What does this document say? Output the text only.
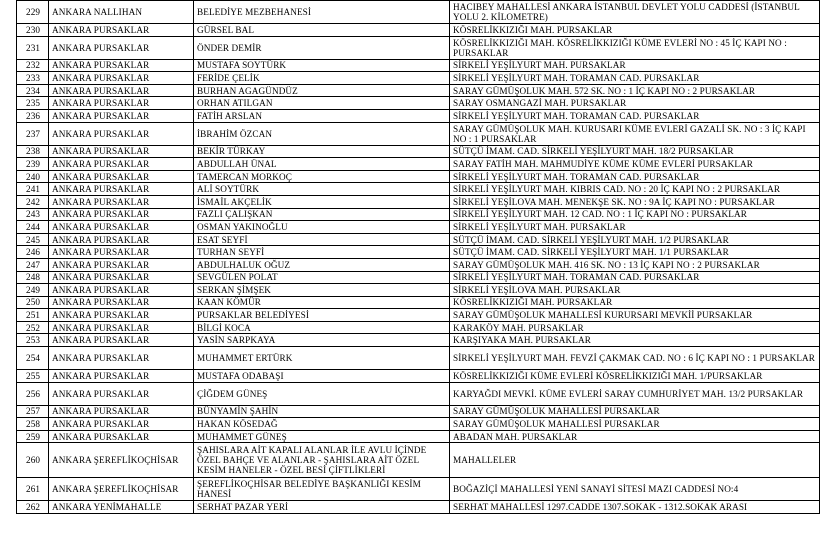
229	ANKARA NALLIHAN	BELEDİYE MEZBEHANESİ	HACIBEY MAHALLESİ ANKARA İSTANBUL DEVLET YOLU CADDESİ (İSTANBUL YOLU 2. KİLOMETRE)
230	ANKARA PURSAKLAR	GÜRSEL BAL	KÖSRELİKKIZIĞI MAH. PURSAKLAR
231	ANKARA PURSAKLAR	ÖNDER DEMİR	KÖSRELİKKIZIĞI MAH. KÖSRELİKKIZIĞI KÜME EVLERİ NO : 45 İÇ KAPI NO : PURSAKLAR
232	ANKARA PURSAKLAR	MUSTAFA SOYTÜRK	SİRKELİ YEŞİLYURT MAH. PURSAKLAR
233	ANKARA PURSAKLAR	FERİDE ÇELİK	SİRKELİ YEŞİLYURT MAH. TORAMAN CAD. PURSAKLAR
234	ANKARA PURSAKLAR	BURHAN AGAGÜNDÜZ	SARAY GÜMÜŞOLUK MAH. 572 SK. NO : 1 İÇ KAPI NO : 2 PURSAKLAR
235	ANKARA PURSAKLAR	ORHAN ATILGAN	SARAY OSMANGAZİ MAH. PURSAKLAR
236	ANKARA PURSAKLAR	FATİH ARSLAN	SİRKELİ YEŞİLYURT MAH. TORAMAN CAD. PURSAKLAR
237	ANKARA PURSAKLAR	İBRAHİM ÖZCAN	SARAY GÜMÜŞOLUK MAH. KURUSARI KÜME EVLERİ GAZALİ SK. NO : 3 İÇ KAPI NO : 1 PURSAKLAR
238	ANKARA PURSAKLAR	BEKİR TÜRKAY	SÜTÇÜ İMAM. CAD. SİRKELİ YEŞİLYURT MAH. 18/2 PURSAKLAR
239	ANKARA PURSAKLAR	ABDULLAH ÜNAL	SARAY FATİH MAH. MAHMUDİYE KÜME KÜME EVLERİ PURSAKLAR
240	ANKARA PURSAKLAR	TAMERCAN MORKOÇ	SİRKELİ YEŞİLYURT MAH. TORAMAN CAD. PURSAKLAR
241	ANKARA PURSAKLAR	ALİ SOYTÜRK	SİRKELİ YEŞİLYURT MAH. KIBRIS CAD. NO : 20 İÇ KAPI NO : 2 PURSAKLAR
242	ANKARA PURSAKLAR	İSMAİL AKÇELİK	SİRKELİ YEŞİLOVA MAH. MENEKŞE SK. NO : 9A İÇ KAPI NO : PURSAKLAR
243	ANKARA PURSAKLAR	FAZLI ÇALIŞKAN	SİRKELİ YEŞİLYURT MAH. 12 CAD. NO : 1 İÇ KAPI NO : PURSAKLAR
244	ANKARA PURSAKLAR	OSMAN YAKINOĞLU	SİRKELİ YEŞİLYURT MAH. PURSAKLAR
245	ANKARA PURSAKLAR	ESAT SEYFİ	SÜTÇÜ İMAM. CAD. SİRKELİ YEŞİLYURT MAH. 1/2 PURSAKLAR
246	ANKARA PURSAKLAR	TURHAN SEYFİ	SÜTÇÜ İMAM. CAD. SİRKELİ YEŞİLYURT MAH. 1/1 PURSAKLAR
247	ANKARA PURSAKLAR	ABDULHALUK OĞUZ	SARAY GÜMÜŞOLUK MAH. 416 SK. NO : 13 İÇ KAPI NO : 2 PURSAKLAR
248	ANKARA PURSAKLAR	SEVGÜLEN POLAT	SİRKELİ YEŞİLYURT MAH. TORAMAN CAD. PURSAKLAR
249	ANKARA PURSAKLAR	SERKAN ŞİMŞEK	SİRKELİ YEŞİLOVA MAH. PURSAKLAR
250	ANKARA PURSAKLAR	KAAN KÖMÜR	KÖSRELİKKIZIĞI MAH. PURSAKLAR
251	ANKARA PURSAKLAR	PURSAKLAR BELEDİYESİ	SARAY GÜMÜŞOLUK MAHALLESİ KURURSARI MEVKİİ PURSAKLAR
252	ANKARA PURSAKLAR	BİLGİ KOCA	KARAKÖY MAH. PURSAKLAR
253	ANKARA PURSAKLAR	YASİN SARPKAYA	KARŞIYAKA MAH. PURSAKLAR
254	ANKARA PURSAKLAR	MUHAMMET ERTÜRK	SİRKELİ YEŞİLYURT MAH. FEVZİ ÇAKMAK CAD. NO : 6 İÇ KAPI NO : 1 PURSAKLAR
255	ANKARA PURSAKLAR	MUSTAFA ODABAŞI	KÖSRELİKKIZIĞI KÜME EVLERİ KÖSRELİKKIZIĞI MAH. 1/PURSAKLAR
256	ANKARA PURSAKLAR	ÇİĞDEM GÜNEŞ	KARYAĞDI MEVKİ. KÜME EVLERİ SARAY CUMHURİYET MAH. 13/2 PURSAKLAR
257	ANKARA PURSAKLAR	BÜNYAMİN ŞAHİN	SARAY GÜMÜŞOLUK MAHALLESİ PURSAKLAR
258	ANKARA PURSAKLAR	HAKAN KÖSEDAĞ	SARAY GÜMÜŞOLUK MAHALLESİ PURSAKLAR
259	ANKARA PURSAKLAR	MUHAMMET GÜNEŞ	ABADAN MAH. PURSAKLAR
260	ANKARA ŞEREFLİKOÇHİSAR	ŞAHISLARA AİT KAPALI ALANLAR İLE AVLU İÇİNDE ÖZEL BAHÇE VE ALANLAR - ŞAHISLARA AİT ÖZEL KESİM HANELER - ÖZEL BESİ ÇİFTLİKLERİ	MAHALLELER
261	ANKARA ŞEREFLİKOÇHİSAR	ŞEREFLİKOÇHİSAR BELEDİYE BAŞKANLIĞI KESİM HANESİ	BOĞAZİÇİ MAHALLESİ YENİ SANAYİ SİTESİ MAZI CADDESİ NO:4
262	ANKARA YENİMAHALLE	SERHAT PAZAR YERİ	SERHAT MAHALLESİ 1297.CADDE 1307.SOKAK - 1312.SOKAK ARASI
